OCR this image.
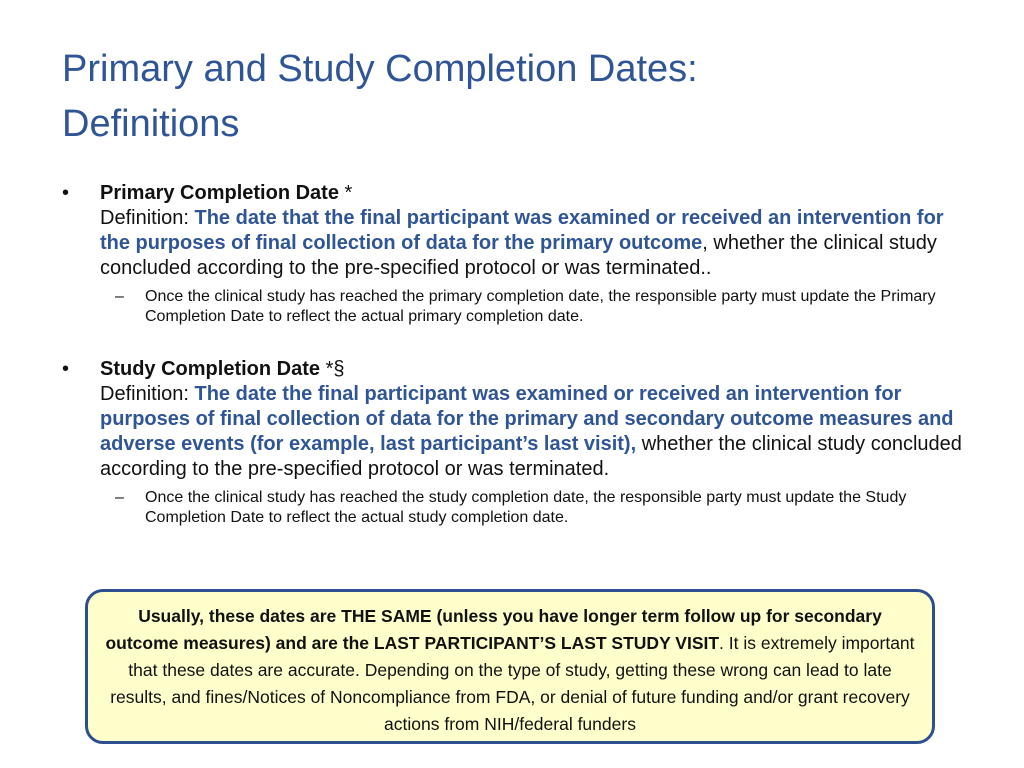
Primary and Study Completion Dates:
Definitions
• Primary Completion Date *
Definition: The date that the final participant was examined or received an intervention for the purposes of final collection of data for the primary outcome, whether the clinical study concluded according to the pre-specified protocol or was terminated..
– Once the clinical study has reached the primary completion date, the responsible party must update the Primary Completion Date to reflect the actual primary completion date.
• Study Completion Date *§
Definition: The date the final participant was examined or received an intervention for purposes of final collection of data for the primary and secondary outcome measures and adverse events (for example, last participant’s last visit), whether the clinical study concluded according to the pre-specified protocol or was terminated.
– Once the clinical study has reached the study completion date, the responsible party must update the Study Completion Date to reflect the actual study completion date.
Usually, these dates are THE SAME (unless you have longer term follow up for secondary outcome measures) and are the LAST PARTICIPANT’S LAST STUDY VISIT. It is extremely important that these dates are accurate. Depending on the type of study, getting these wrong can lead to late results, and fines/Notices of Noncompliance from FDA, or denial of future funding and/or grant recovery actions from NIH/federal funders
